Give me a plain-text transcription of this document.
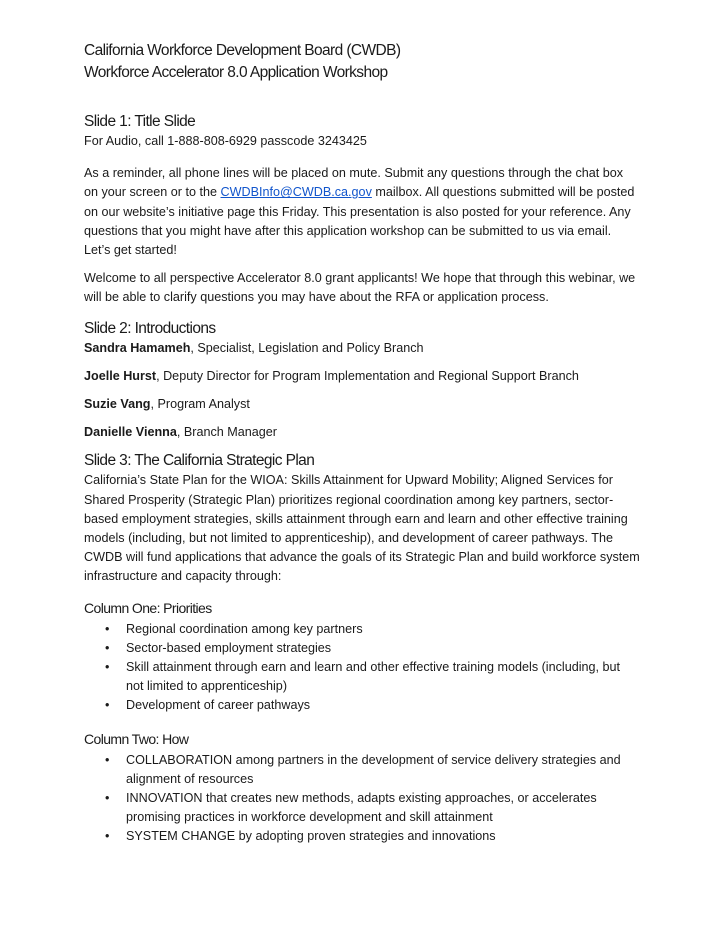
California Workforce Development Board (CWDB)
Workforce Accelerator 8.0 Application Workshop
Slide 1: Title Slide

For Audio, call 1-888-808-6929 passcode 3243425

As a reminder, all phone lines will be placed on mute. Submit any questions through the chat box on your screen or to the CWDBInfo@CWDB.ca.gov mailbox. All questions submitted will be posted on our website’s initiative page this Friday. This presentation is also posted for your reference. Any questions that you might have after this application workshop can be submitted to us via email. Let’s get started!

Welcome to all perspective Accelerator 8.0 grant applicants! We hope that through this webinar, we will be able to clarify questions you may have about the RFA or application process.

Slide 2: Introductions

Sandra Hamameh, Specialist, Legislation and Policy Branch

Joelle Hurst, Deputy Director for Program Implementation and Regional Support Branch

Suzie Vang, Program Analyst

Danielle Vienna, Branch Manager

Slide 3: The California Strategic Plan

California’s State Plan for the WIOA: Skills Attainment for Upward Mobility; Aligned Services for Shared Prosperity (Strategic Plan) prioritizes regional coordination among key partners, sector-based employment strategies, skills attainment through earn and learn and other effective training models (including, but not limited to apprenticeship), and development of career pathways. The CWDB will fund applications that advance the goals of its Strategic Plan and build workforce system infrastructure and capacity through:

Column One: Priorities
• Regional coordination among key partners
• Sector-based employment strategies
• Skill attainment through earn and learn and other effective training models (including, but not limited to apprenticeship)
• Development of career pathways
Column Two: How
• COLLABORATION among partners in the development of service delivery strategies and alignment of resources
• INNOVATION that creates new methods, adapts existing approaches, or accelerates promising practices in workforce development and skill attainment
• SYSTEM CHANGE by adopting proven strategies and innovations
